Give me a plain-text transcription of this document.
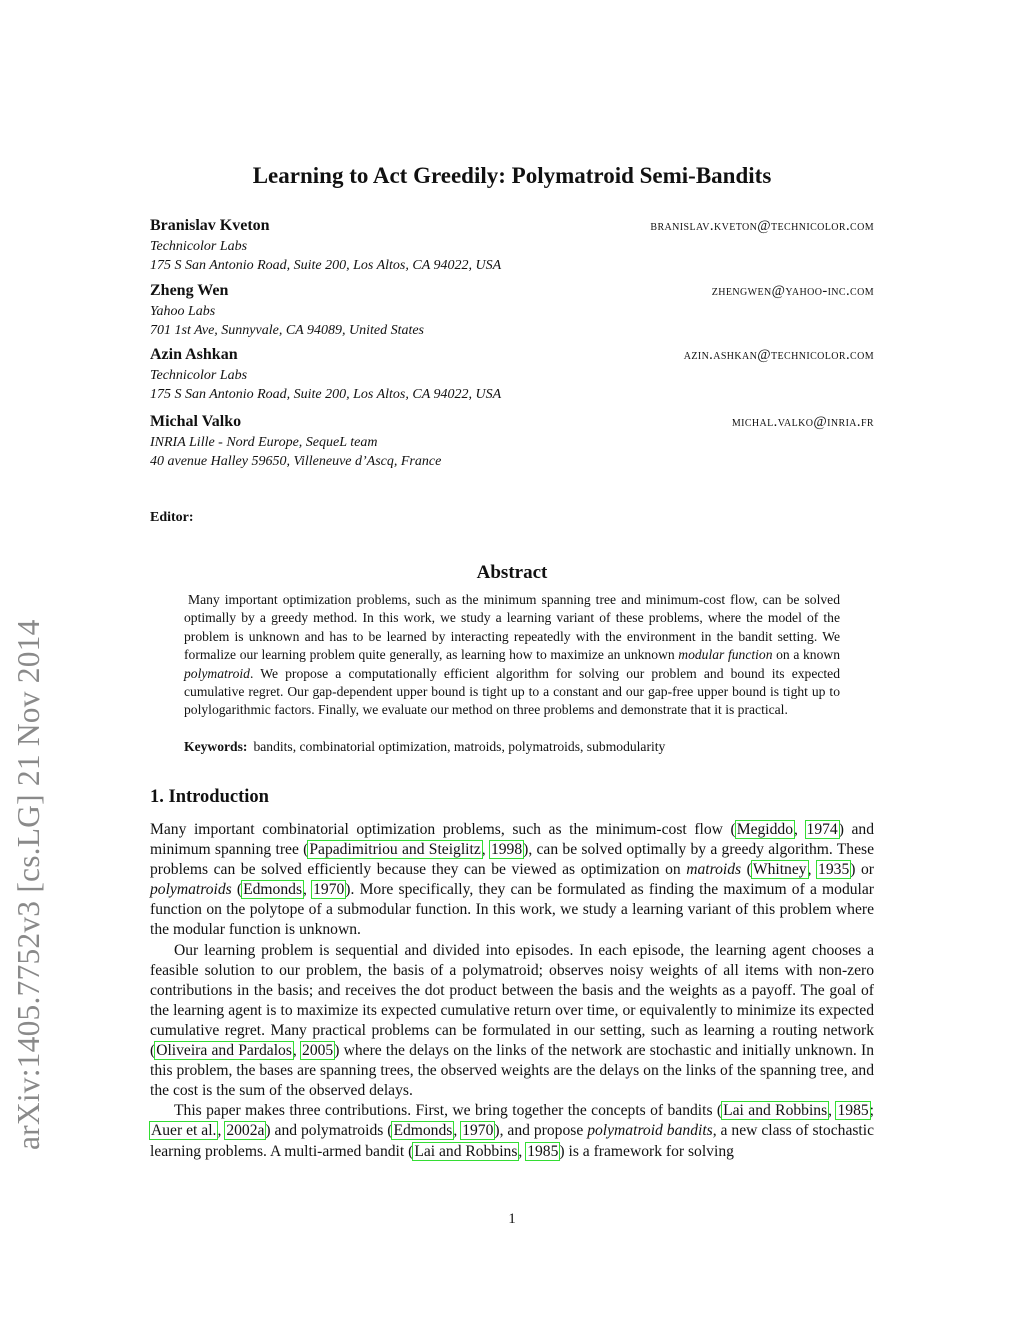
arXiv:1405.7752v3 [cs.LG] 21 Nov 2014
Learning to Act Greedily: Polymatroid Semi-Bandits
Branislav Kveton	branislav.kveton@technicolor.com
Technicolor Labs
175 S San Antonio Road, Suite 200, Los Altos, CA 94022, USA
Zheng Wen	zhengwen@yahoo-inc.com
Yahoo Labs
701 1st Ave, Sunnyvale, CA 94089, United States
Azin Ashkan	azin.ashkan@technicolor.com
Technicolor Labs
175 S San Antonio Road, Suite 200, Los Altos, CA 94022, USA
Michal Valko	michal.valko@inria.fr
INRIA Lille - Nord Europe, SequeL team
40 avenue Halley 59650, Villeneuve d’Ascq, France
Editor:
Abstract

Many important optimization problems, such as the minimum spanning tree and minimum-cost flow, can be solved optimally by a greedy method. In this work, we study a learning variant of these problems, where the model of the problem is unknown and has to be learned by interacting repeatedly with the environment in the bandit setting. We formalize our learning problem quite generally, as learning how to maximize an unknown modular function on a known polymatroid. We propose a computationally efficient algorithm for solving our problem and bound its expected cumulative regret. Our gap-dependent upper bound is tight up to a constant and our gap-free upper bound is tight up to polylogarithmic factors. Finally, we evaluate our method on three problems and demonstrate that it is practical.

Keywords: bandits, combinatorial optimization, matroids, polymatroids, submodularity
1. Introduction

Many important combinatorial optimization problems, such as the minimum-cost flow (Megiddo, 1974) and minimum spanning tree (Papadimitriou and Steiglitz, 1998), can be solved optimally by a greedy algorithm. These problems can be solved efficiently because they can be viewed as optimization on matroids (Whitney, 1935) or polymatroids (Edmonds, 1970). More specifically, they can be formulated as finding the maximum of a modular function on the polytope of a submodular function. In this work, we study a learning variant of this problem where the modular function is unknown.

Our learning problem is sequential and divided into episodes. In each episode, the learning agent chooses a feasible solution to our problem, the basis of a polymatroid; observes noisy weights of all items with non-zero contributions in the basis; and receives the dot product between the basis and the weights as a payoff. The goal of the learning agent is to maximize its expected cumulative return over time, or equivalently to minimize its expected cumulative regret. Many practical problems can be formulated in our setting, such as learning a routing network (Oliveira and Pardalos, 2005) where the delays on the links of the network are stochastic and initially unknown. In this problem, the bases are spanning trees, the observed weights are the delays on the links of the spanning tree, and the cost is the sum of the observed delays.

This paper makes three contributions. First, we bring together the concepts of bandits (Lai and Robbins, 1985; Auer et al., 2002a) and polymatroids (Edmonds, 1970), and propose polymatroid bandits, a new class of stochastic learning problems. A multi-armed bandit (Lai and Robbins, 1985) is a framework for solving

1
